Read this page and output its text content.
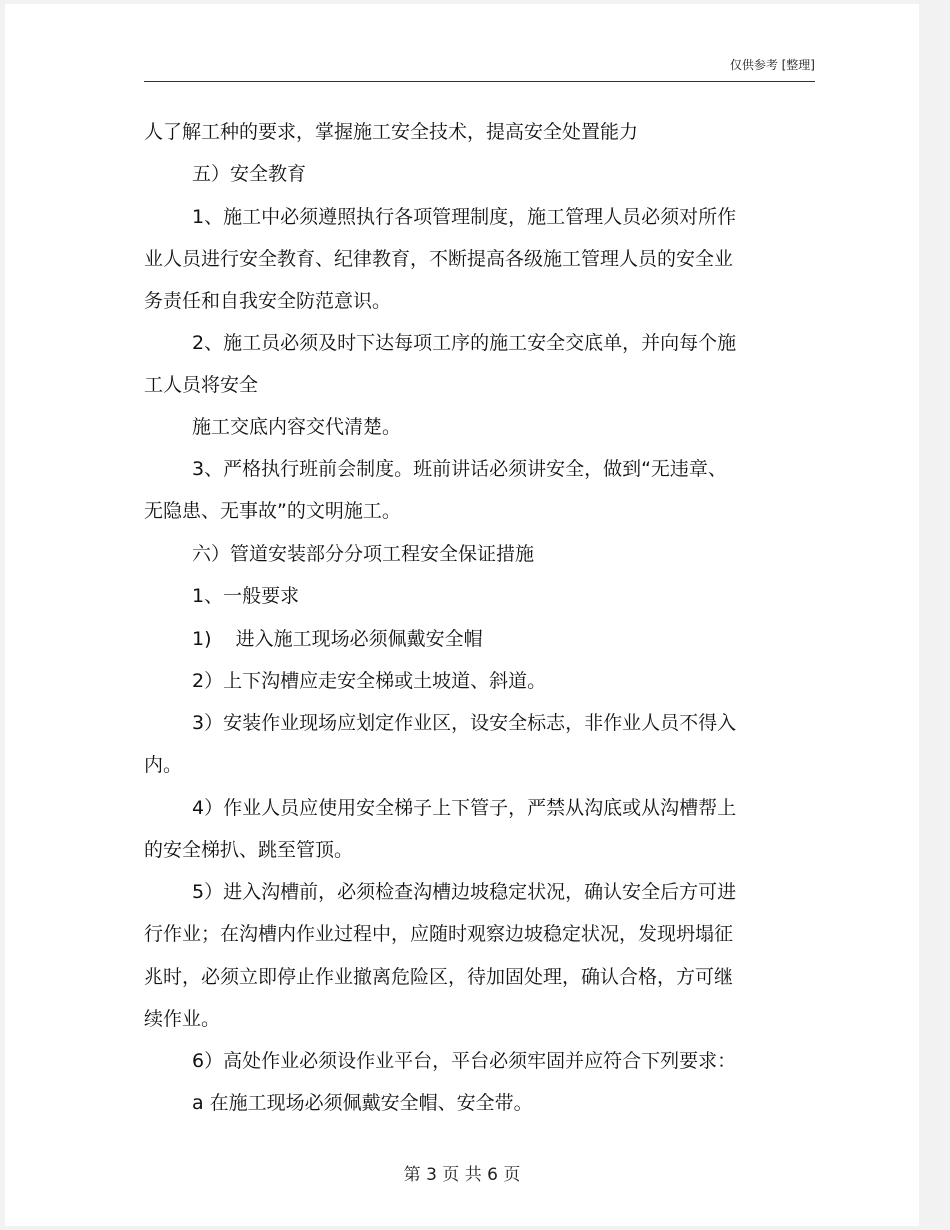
仅供参考 [整理]
人了解工种的要求，掌握施工安全技术，提高安全处置能力
五）安全教育
1、施工中必须遵照执行各项管理制度，施工管理人员必须对所作
业人员进行安全教育、纪律教育，不断提高各级施工管理人员的安全业
务责任和自我安全防范意识。
2、施工员必须及时下达每项工序的施工安全交底单，并向每个施
工人员将安全
施工交底内容交代清楚。
3、严格执行班前会制度。班前讲话必须讲安全，做到“无违章、
无隐患、无事故”的文明施工。
六）管道安装部分分项工程安全保证措施
1、一般要求
1)    进入施工现场必须佩戴安全帽
2）上下沟槽应走安全梯或土坡道、斜道。
3）安装作业现场应划定作业区，设安全标志，非作业人员不得入
内。
4）作业人员应使用安全梯子上下管子，严禁从沟底或从沟槽帮上
的安全梯扒、跳至管顶。
5）进入沟槽前，必须检查沟槽边坡稳定状况，确认安全后方可进
行作业；在沟槽内作业过程中，应随时观察边坡稳定状况，发现坍塌征
兆时，必须立即停止作业撤离危险区，待加固处理，确认合格，方可继
续作业。
6）高处作业必须设作业平台，平台必须牢固并应符合下列要求：
a 在施工现场必须佩戴安全帽、安全带。
第 3 页 共 6 页
